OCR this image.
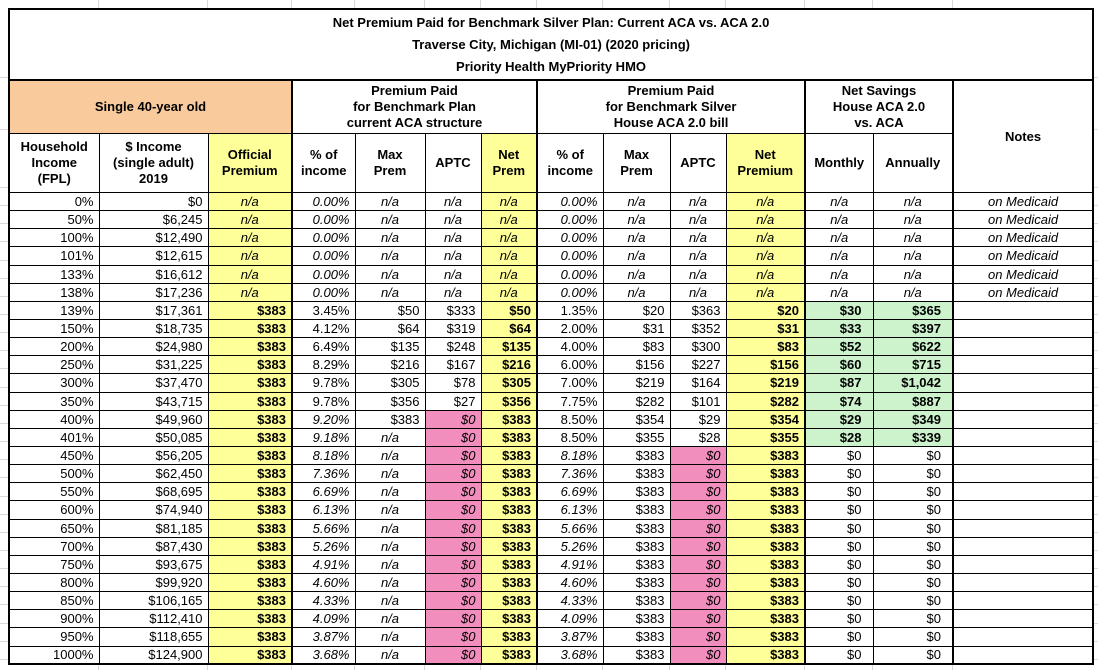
Net Premium Paid for Benchmark Silver Plan: Current ACA vs. ACA 2.0
Traverse City, Michigan (MI-01) (2020 pricing)
Priority Health MyPriority HMO													

Single 40-year old

Premium Paid
for Benchmark Plan
current ACA structure

Premium Paid
for Benchmark Silver
House ACA 2.0 bill

Net Savings
House ACA 2.0
vs. ACA

Notes

Household
Income
(FPL)

$ Income
(single adult)
2019

Official
Premium

% of
income

Max
Prem

APTC

Net
Prem

% of
income

Max
Prem

APTC

Net
Premium

Monthly	Annually

0%	$0	n/a	0.00%	n/a	n/a	n/a	0.00%	n/a	n/a	n/a	n/a	n/a	on Medicaid
50%	$6,245	n/a	0.00%	n/a	n/a	n/a	0.00%	n/a	n/a	n/a	n/a	n/a	on Medicaid
100%	$12,490	n/a	0.00%	n/a	n/a	n/a	0.00%	n/a	n/a	n/a	n/a	n/a	on Medicaid
101%	$12,615	n/a	0.00%	n/a	n/a	n/a	0.00%	n/a	n/a	n/a	n/a	n/a	on Medicaid
133%	$16,612	n/a	0.00%	n/a	n/a	n/a	0.00%	n/a	n/a	n/a	n/a	n/a	on Medicaid
138%	$17,236	n/a	0.00%	n/a	n/a	n/a	0.00%	n/a	n/a	n/a	n/a	n/a	on Medicaid
139%	$17,361	$383	3.45%	$50	$333	$50	1.35%	$20	$363	$20	$30	$365	
150%	$18,735	$383	4.12%	$64	$319	$64	2.00%	$31	$352	$31	$33	$397	
200%	$24,980	$383	6.49%	$135	$248	$135	4.00%	$83	$300	$83	$52	$622	
250%	$31,225	$383	8.29%	$216	$167	$216	6.00%	$156	$227	$156	$60	$715	
300%	$37,470	$383	9.78%	$305	$78	$305	7.00%	$219	$164	$219	$87	$1,042	
350%	$43,715	$383	9.78%	$356	$27	$356	7.75%	$282	$101	$282	$74	$887	
400%	$49,960	$383	9.20%	$383	$0	$383	8.50%	$354	$29	$354	$29	$349	
401%	$50,085	$383	9.18%	n/a	$0	$383	8.50%	$355	$28	$355	$28	$339	
450%	$56,205	$383	8.18%	n/a	$0	$383	8.18%	$383	$0	$383	$0	$0	
500%	$62,450	$383	7.36%	n/a	$0	$383	7.36%	$383	$0	$383	$0	$0	
550%	$68,695	$383	6.69%	n/a	$0	$383	6.69%	$383	$0	$383	$0	$0	
600%	$74,940	$383	6.13%	n/a	$0	$383	6.13%	$383	$0	$383	$0	$0	
650%	$81,185	$383	5.66%	n/a	$0	$383	5.66%	$383	$0	$383	$0	$0	
700%	$87,430	$383	5.26%	n/a	$0	$383	5.26%	$383	$0	$383	$0	$0	
750%	$93,675	$383	4.91%	n/a	$0	$383	4.91%	$383	$0	$383	$0	$0	
800%	$99,920	$383	4.60%	n/a	$0	$383	4.60%	$383	$0	$383	$0	$0	
850%	$106,165	$383	4.33%	n/a	$0	$383	4.33%	$383	$0	$383	$0	$0	
900%	$112,410	$383	4.09%	n/a	$0	$383	4.09%	$383	$0	$383	$0	$0	
950%	$118,655	$383	3.87%	n/a	$0	$383	3.87%	$383	$0	$383	$0	$0	
1000%	$124,900	$383	3.68%	n/a	$0	$383	3.68%	$383	$0	$383	$0	$0	
